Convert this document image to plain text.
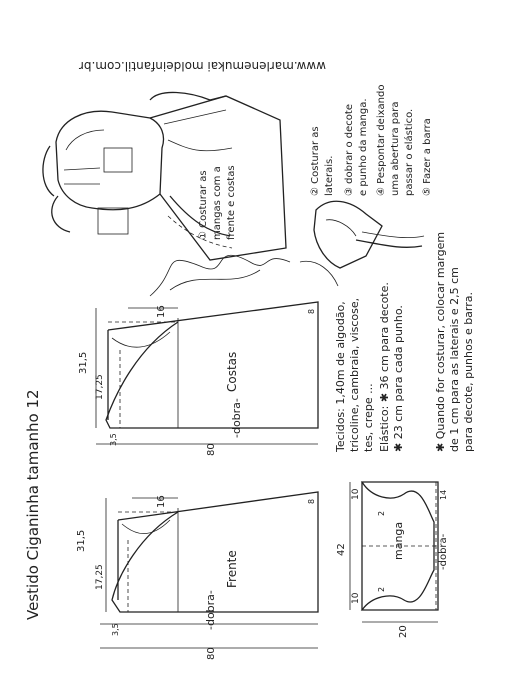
Vestido Ciganinha tamanho 12
www.marlenemukai moldeinfantil.com.br
Frente
-dobra-
16
31,5
17,25
3,5
8
80
Costas
-dobra-
16
31,5
17,25
3,5
8
80
manga	-dobra-
42
20
10
10
2
2
14
Tecidos: 1,40m de algodão, tricoline, cambraia, viscose, tes, crepe ... Elástico: ✱ 36 cm para decote. ✱ 23 cm para cada punho.	✱ Quando for costurar, colocar margem de 1 cm para as laterais e 2,5 cm para decote, punhos e barra.
Marlene Mukai
① Costurar as mangas com a frente e costas
② Costurar as laterais. ③ dobrar o decote e punho da manga. ④ Pespontar deixando uma abertura para passar o elástico. ⑤ Fazer a barra
